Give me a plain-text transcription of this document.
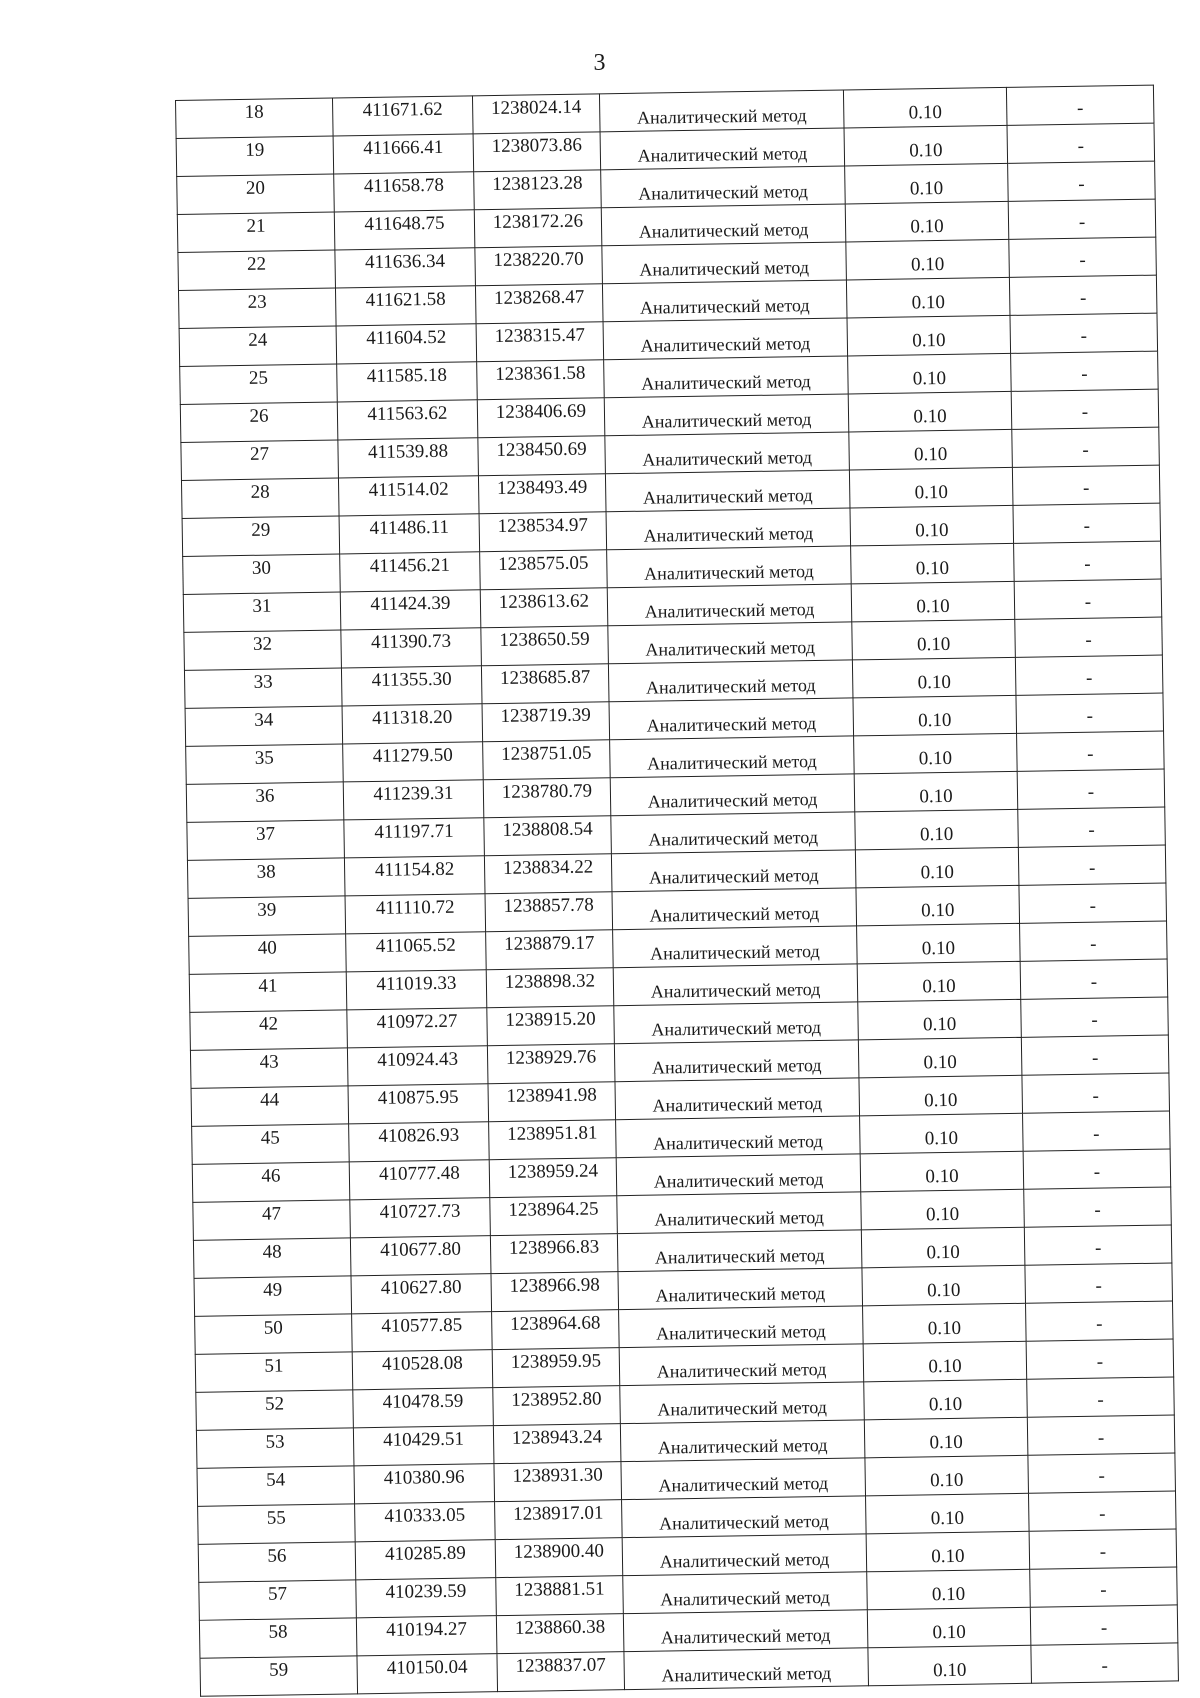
3
18	411671.62	1238024.14	Аналитический метод	0.10	-
19	411666.41	1238073.86	Аналитический метод	0.10	-
20	411658.78	1238123.28	Аналитический метод	0.10	-
21	411648.75	1238172.26	Аналитический метод	0.10	-
22	411636.34	1238220.70	Аналитический метод	0.10	-
23	411621.58	1238268.47	Аналитический метод	0.10	-
24	411604.52	1238315.47	Аналитический метод	0.10	-
25	411585.18	1238361.58	Аналитический метод	0.10	-
26	411563.62	1238406.69	Аналитический метод	0.10	-
27	411539.88	1238450.69	Аналитический метод	0.10	-
28	411514.02	1238493.49	Аналитический метод	0.10	-
29	411486.11	1238534.97	Аналитический метод	0.10	-
30	411456.21	1238575.05	Аналитический метод	0.10	-
31	411424.39	1238613.62	Аналитический метод	0.10	-
32	411390.73	1238650.59	Аналитический метод	0.10	-
33	411355.30	1238685.87	Аналитический метод	0.10	-
34	411318.20	1238719.39	Аналитический метод	0.10	-
35	411279.50	1238751.05	Аналитический метод	0.10	-
36	411239.31	1238780.79	Аналитический метод	0.10	-
37	411197.71	1238808.54	Аналитический метод	0.10	-
38	411154.82	1238834.22	Аналитический метод	0.10	-
39	411110.72	1238857.78	Аналитический метод	0.10	-
40	411065.52	1238879.17	Аналитический метод	0.10	-
41	411019.33	1238898.32	Аналитический метод	0.10	-
42	410972.27	1238915.20	Аналитический метод	0.10	-
43	410924.43	1238929.76	Аналитический метод	0.10	-
44	410875.95	1238941.98	Аналитический метод	0.10	-
45	410826.93	1238951.81	Аналитический метод	0.10	-
46	410777.48	1238959.24	Аналитический метод	0.10	-
47	410727.73	1238964.25	Аналитический метод	0.10	-
48	410677.80	1238966.83	Аналитический метод	0.10	-
49	410627.80	1238966.98	Аналитический метод	0.10	-
50	410577.85	1238964.68	Аналитический метод	0.10	-
51	410528.08	1238959.95	Аналитический метод	0.10	-
52	410478.59	1238952.80	Аналитический метод	0.10	-
53	410429.51	1238943.24	Аналитический метод	0.10	-
54	410380.96	1238931.30	Аналитический метод	0.10	-
55	410333.05	1238917.01	Аналитический метод	0.10	-
56	410285.89	1238900.40	Аналитический метод	0.10	-
57	410239.59	1238881.51	Аналитический метод	0.10	-
58	410194.27	1238860.38	Аналитический метод	0.10	-
59	410150.04	1238837.07	Аналитический метод	0.10	-
